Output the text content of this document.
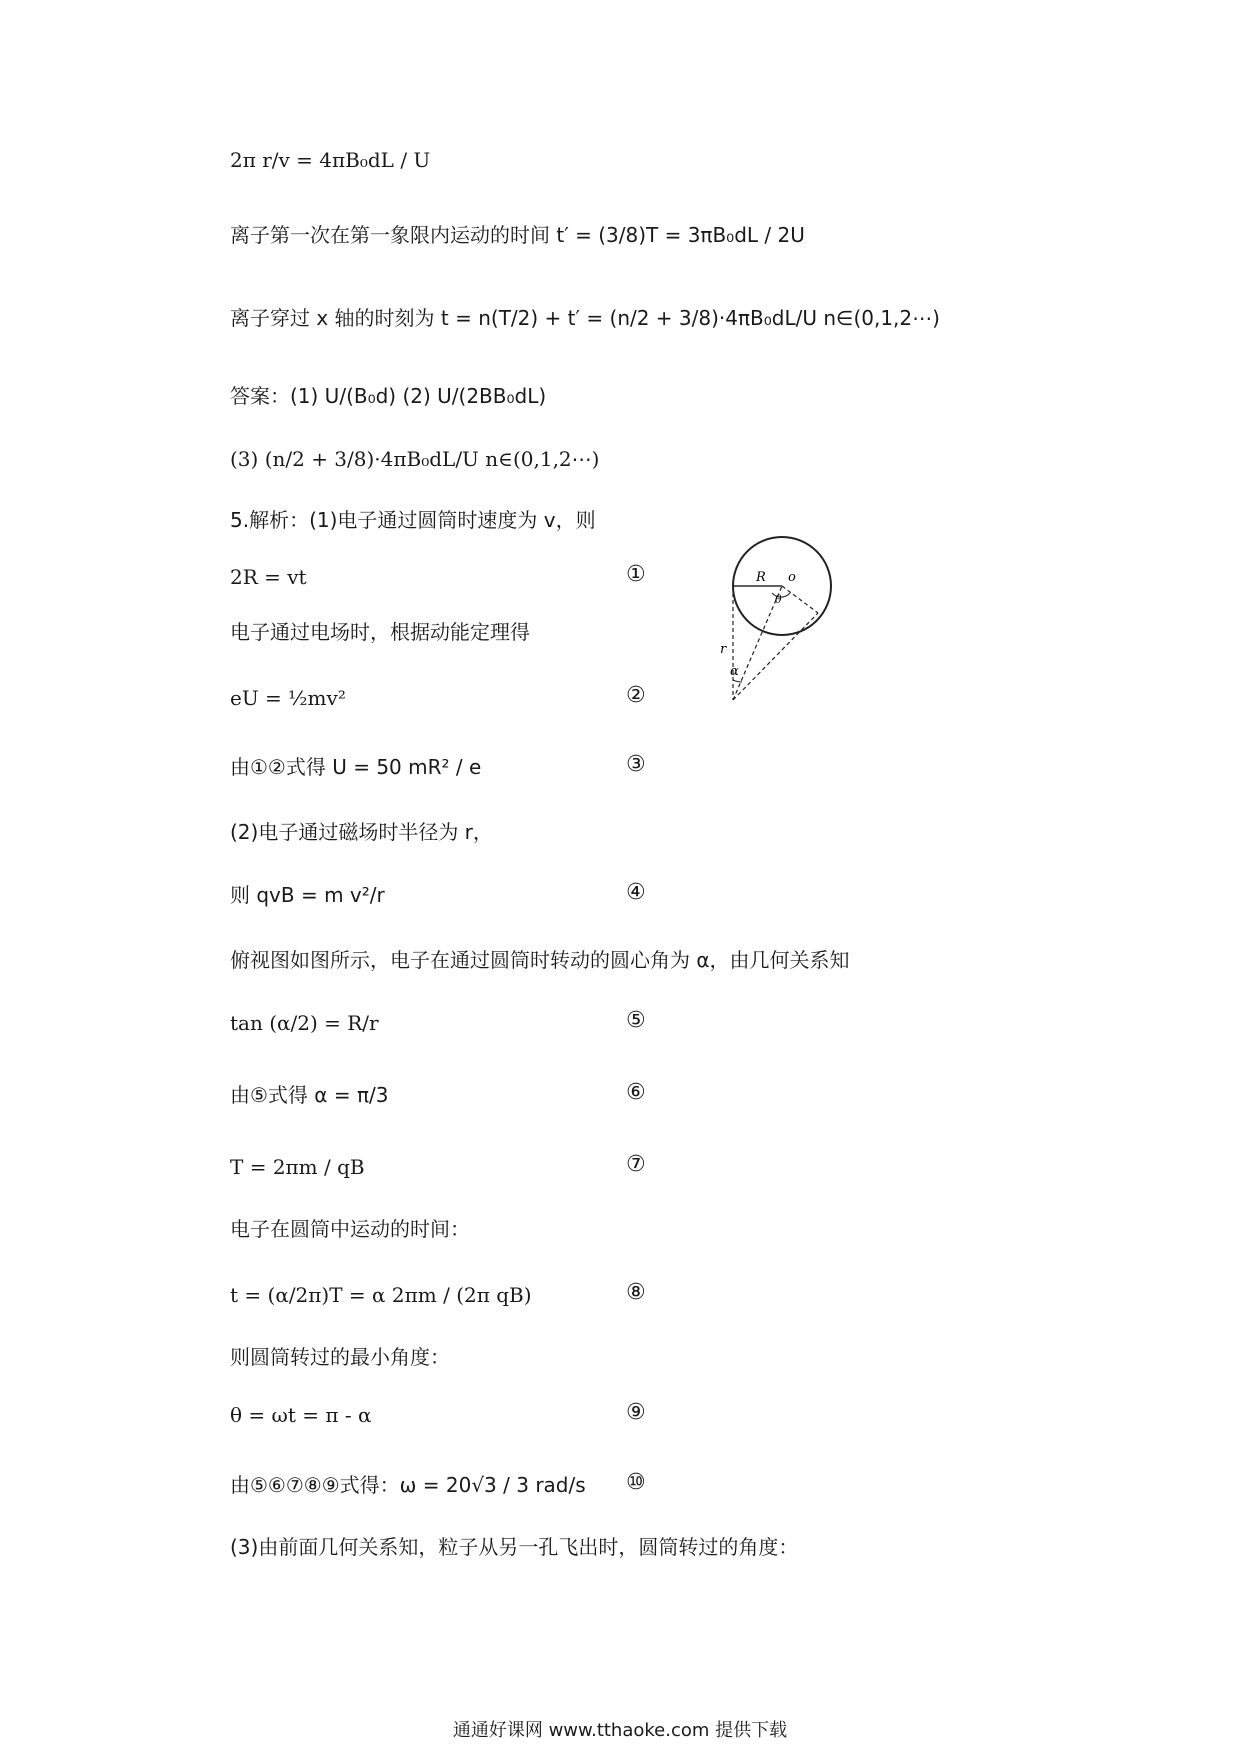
2π r/v = 4πB₀dL / U
离子第一次在第一象限内运动的时间 t′ = (3/8)T = 3πB₀dL / 2U
离子穿过 x 轴的时刻为 t = n(T/2) + t′ = (n/2 + 3/8)·4πB₀dL/U n∈(0,1,2⋯)
答案：(1) U/(B₀d) (2) U/(2BB₀dL)
(3) (n/2 + 3/8)·4πB₀dL/U n∈(0,1,2⋯)
5.解析：(1)电子通过圆筒时速度为 v，则
2R = vt	①
电子通过电场时，根据动能定理得
eU = ½mv²	②
由①②式得 U = 50 mR² / e	③
(2)电子通过磁场时半径为 r，
则 qvB = m v²/r	④
俯视图如图所示，电子在通过圆筒时转动的圆心角为 α，由几何关系知
tan (α/2) = R/r	⑤
由⑤式得 α = π/3	⑥
T = 2πm / qB	⑦
电子在圆筒中运动的时间：
t = (α/2π)T = α 2πm / (2π qB)	⑧
则圆筒转过的最小角度：
θ = ωt = π - α	⑨
由⑤⑥⑦⑧⑨式得：ω = 20√3 / 3 rad/s ⑩
(3)由前面几何关系知，粒子从另一孔飞出时，圆筒转过的角度：
R o
θ
r
α
通通好课网 www.tthaoke.com 提供下载
